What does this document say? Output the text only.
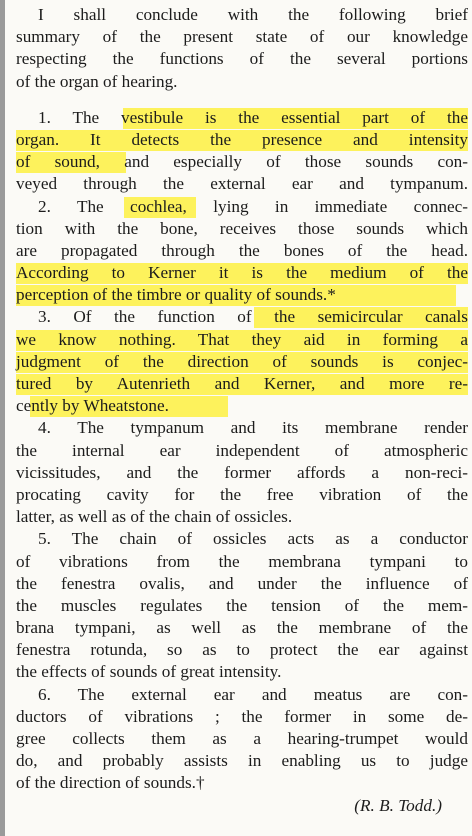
I shall conclude with the following brief
summary of the present state of our knowledge
respecting the functions of the several portions
of the organ of hearing.
1. The vestibule is the essential part of the
organ. It detects the presence and intensity
of sound, and especially of those sounds con-
veyed through the external ear and tympanum.
2. The cochlea, lying in immediate connec-
tion with the bone, receives those sounds which
are propagated through the bones of the head.
According to Kerner it is the medium of the
perception of the timbre or quality of sounds.*
3. Of the function of the semicircular canals
we know nothing. That they aid in forming a
judgment of the direction of sounds is conjec-
tured by Autenrieth and Kerner, and more re-
cently by Wheatstone.
4. The tympanum and its membrane render
the internal ear independent of atmospheric
vicissitudes, and the former affords a non-reci-
procating cavity for the free vibration of the
latter, as well as of the chain of ossicles.
5. The chain of ossicles acts as a conductor
of vibrations from the membrana tympani to
the fenestra ovalis, and under the influence of
the muscles regulates the tension of the mem-
brana tympani, as well as the membrane of the
fenestra rotunda, so as to protect the ear against
the effects of sounds of great intensity.
6. The external ear and meatus are con-
ductors of vibrations ; the former in some de-
gree collects them as a hearing-trumpet would
do, and probably assists in enabling us to judge
of the direction of sounds.†
(R. B. Todd.)
